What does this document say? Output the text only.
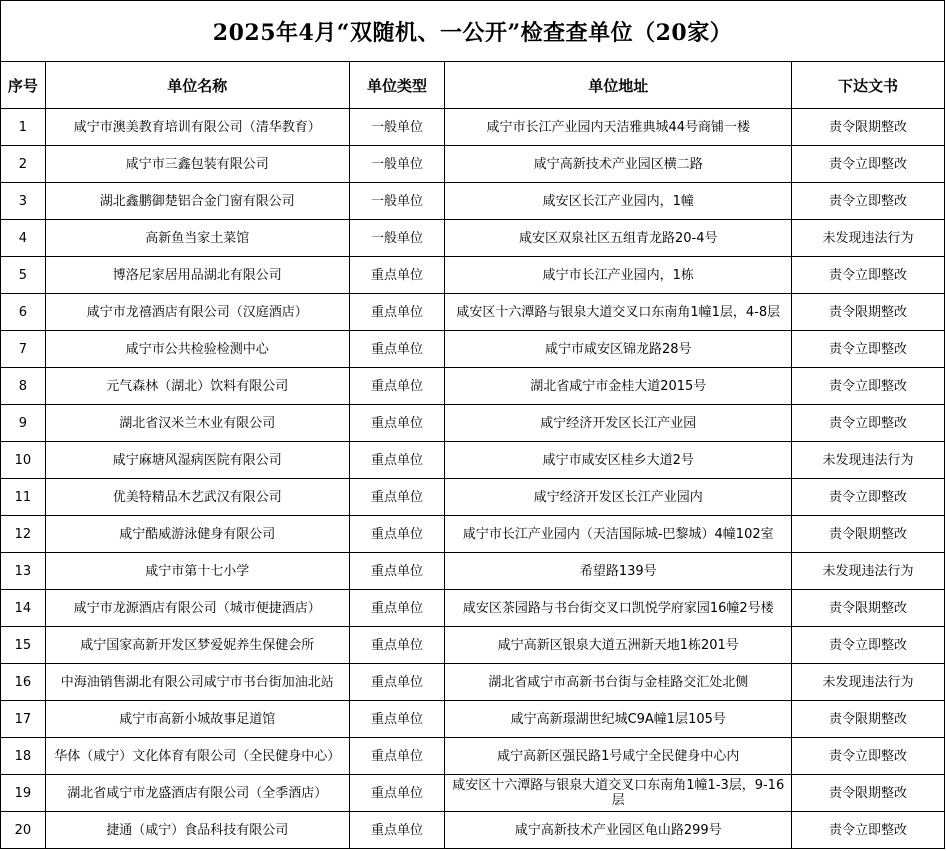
2025年4月“双随机、一公开”检查查单位（20家）				
序号	单位名称	单位类型	单位地址	下达文书
1	咸宁市澳美教育培训有限公司（清华教育）	一般单位	咸宁市长江产业园内天洁雅典城44号商铺一楼	责令限期整改
2	咸宁市三鑫包装有限公司	一般单位	咸宁高新技术产业园区横二路	责令立即整改
3	湖北鑫鹏御楚铝合金门窗有限公司	一般单位	咸安区长江产业园内，1幢	责令立即整改
4	高新鱼当家土菜馆	一般单位	咸安区双泉社区五组青龙路20-4号	未发现违法行为
5	博洛尼家居用品湖北有限公司	重点单位	咸宁市长江产业园内，1栋	责令立即整改
6	咸宁市龙禧酒店有限公司（汉庭酒店）	重点单位	咸安区十六潭路与银泉大道交叉口东南角1幢1层，4-8层	责令限期整改
7	咸宁市公共检验检测中心	重点单位	咸宁市咸安区锦龙路28号	责令立即整改
8	元气森林（湖北）饮料有限公司	重点单位	湖北省咸宁市金桂大道2015号	责令立即整改
9	湖北省汉米兰木业有限公司	重点单位	咸宁经济开发区长江产业园	责令立即整改
10	咸宁麻塘风湿病医院有限公司	重点单位	咸宁市咸安区桂乡大道2号	未发现违法行为
11	优美特精品木艺武汉有限公司	重点单位	咸宁经济开发区长江产业园内	责令立即整改
12	咸宁酷威游泳健身有限公司	重点单位	咸宁市长江产业园内（天洁国际城-巴黎城）4幢102室	责令限期整改
13	咸宁市第十七小学	重点单位	希望路139号	未发现违法行为
14	咸宁市龙源酒店有限公司（城市便捷酒店）	重点单位	咸安区茶园路与书台街交叉口凯悦学府家园16幢2号楼	责令限期整改
15	咸宁国家高新开发区梦爱妮养生保健会所	重点单位	咸宁高新区银泉大道五洲新天地1栋201号	责令立即整改
16	中海油销售湖北有限公司咸宁市书台街加油北站	重点单位	湖北省咸宁市高新书台街与金桂路交汇处北侧	未发现违法行为
17	咸宁市高新小城故事足道馆	重点单位	咸宁高新璟湖世纪城C9A幢1层105号	责令限期整改
18	华体（咸宁）文化体育有限公司（全民健身中心）	重点单位	咸宁高新区强民路1号咸宁全民健身中心内	责令立即整改
19	湖北省咸宁市龙盛酒店有限公司（全季酒店）	重点单位	咸安区十六潭路与银泉大道交叉口东南角1幢1-3层，9-16层	责令限期整改
20	捷通（咸宁）食品科技有限公司	重点单位	咸宁高新技术产业园区龟山路299号	责令立即整改
